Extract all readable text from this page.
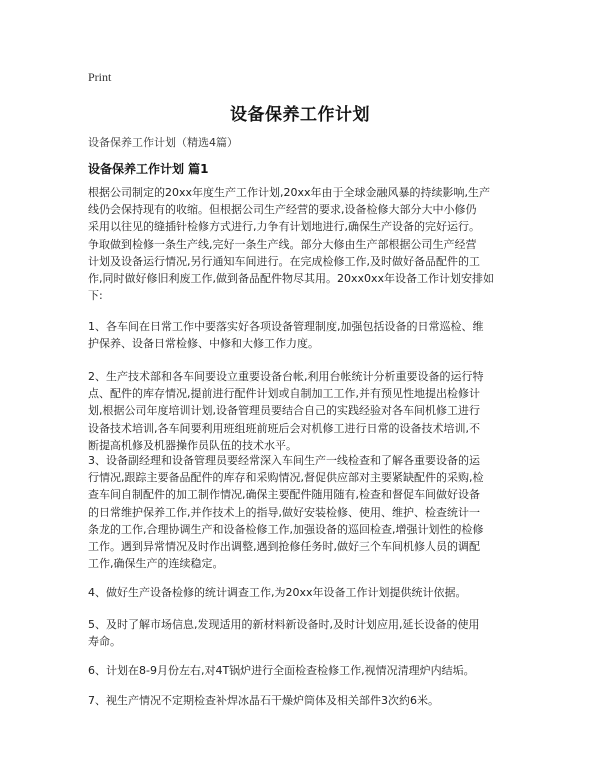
Print
设备保养工作计划
设备保养工作计划（精选4篇）
设备保养工作计划 篇1
根据公司制定的20xx年度生产工作计划,20xx年由于全球金融风暴的持续影响,生产
线仍会保持现有的收缩。但根据公司生产经营的要求,设备检修大部分大中小修仍
采用以往见的缝插针检修方式进行,力争有计划地进行,确保生产设备的完好运行。
争取做到检修一条生产线,完好一条生产线。部分大修由生产部根据公司生产经营
计划及设备运行情况,另行通知车间进行。在完成检修工作,及时做好备品配件的工
作,同时做好修旧利废工作,做到备品配件物尽其用。20xx0xx年设备工作计划安排如
下:
1、各车间在日常工作中要落实好各项设备管理制度,加强包括设备的日常巡检、维
护保养、设备日常检修、中修和大修工作力度。
2、生产技术部和各车间要设立重要设备台帐,利用台帐统计分析重要设备的运行特
点、配件的库存情况,提前进行配件计划或自制加工工作,并有预见性地提出检修计
划,根据公司年度培训计划,设备管理员要结合自己的实践经验对各车间机修工进行
设备技术培训,各车间要利用班组班前班后会对机修工进行日常的设备技术培训,不
断提高机修及机器操作员队伍的技术水平。
3、设备副经理和设备管理员要经常深入车间生产一线检查和了解各重要设备的运
行情况,跟踪主要备品配件的库存和采购情况,督促供应部对主要紧缺配件的采购,检
查车间自制配件的加工制作情况,确保主要配件随用随有,检查和督促车间做好设备
的日常维护保养工作,并作技术上的指导,做好安装检修、使用、维护、检查统计一
条龙的工作,合理协调生产和设备检修工作,加强设备的巡回检查,增强计划性的检修
工作。遇到异常情况及时作出调整,遇到抢修任务时,做好三个车间机修人员的调配
工作,确保生产的连续稳定。
4、做好生产设备检修的统计调查工作,为20xx年设备工作计划提供统计依据。
5、及时了解市场信息,发现适用的新材料新设备时,及时计划应用,延长设备的使用
寿命。
6、计划在8-9月份左右,对4T锅炉进行全面检查检修工作,视情况清理炉内结垢。
7、视生产情况不定期检查补焊冰晶石干燥炉筒体及相关部件3次約6米。
